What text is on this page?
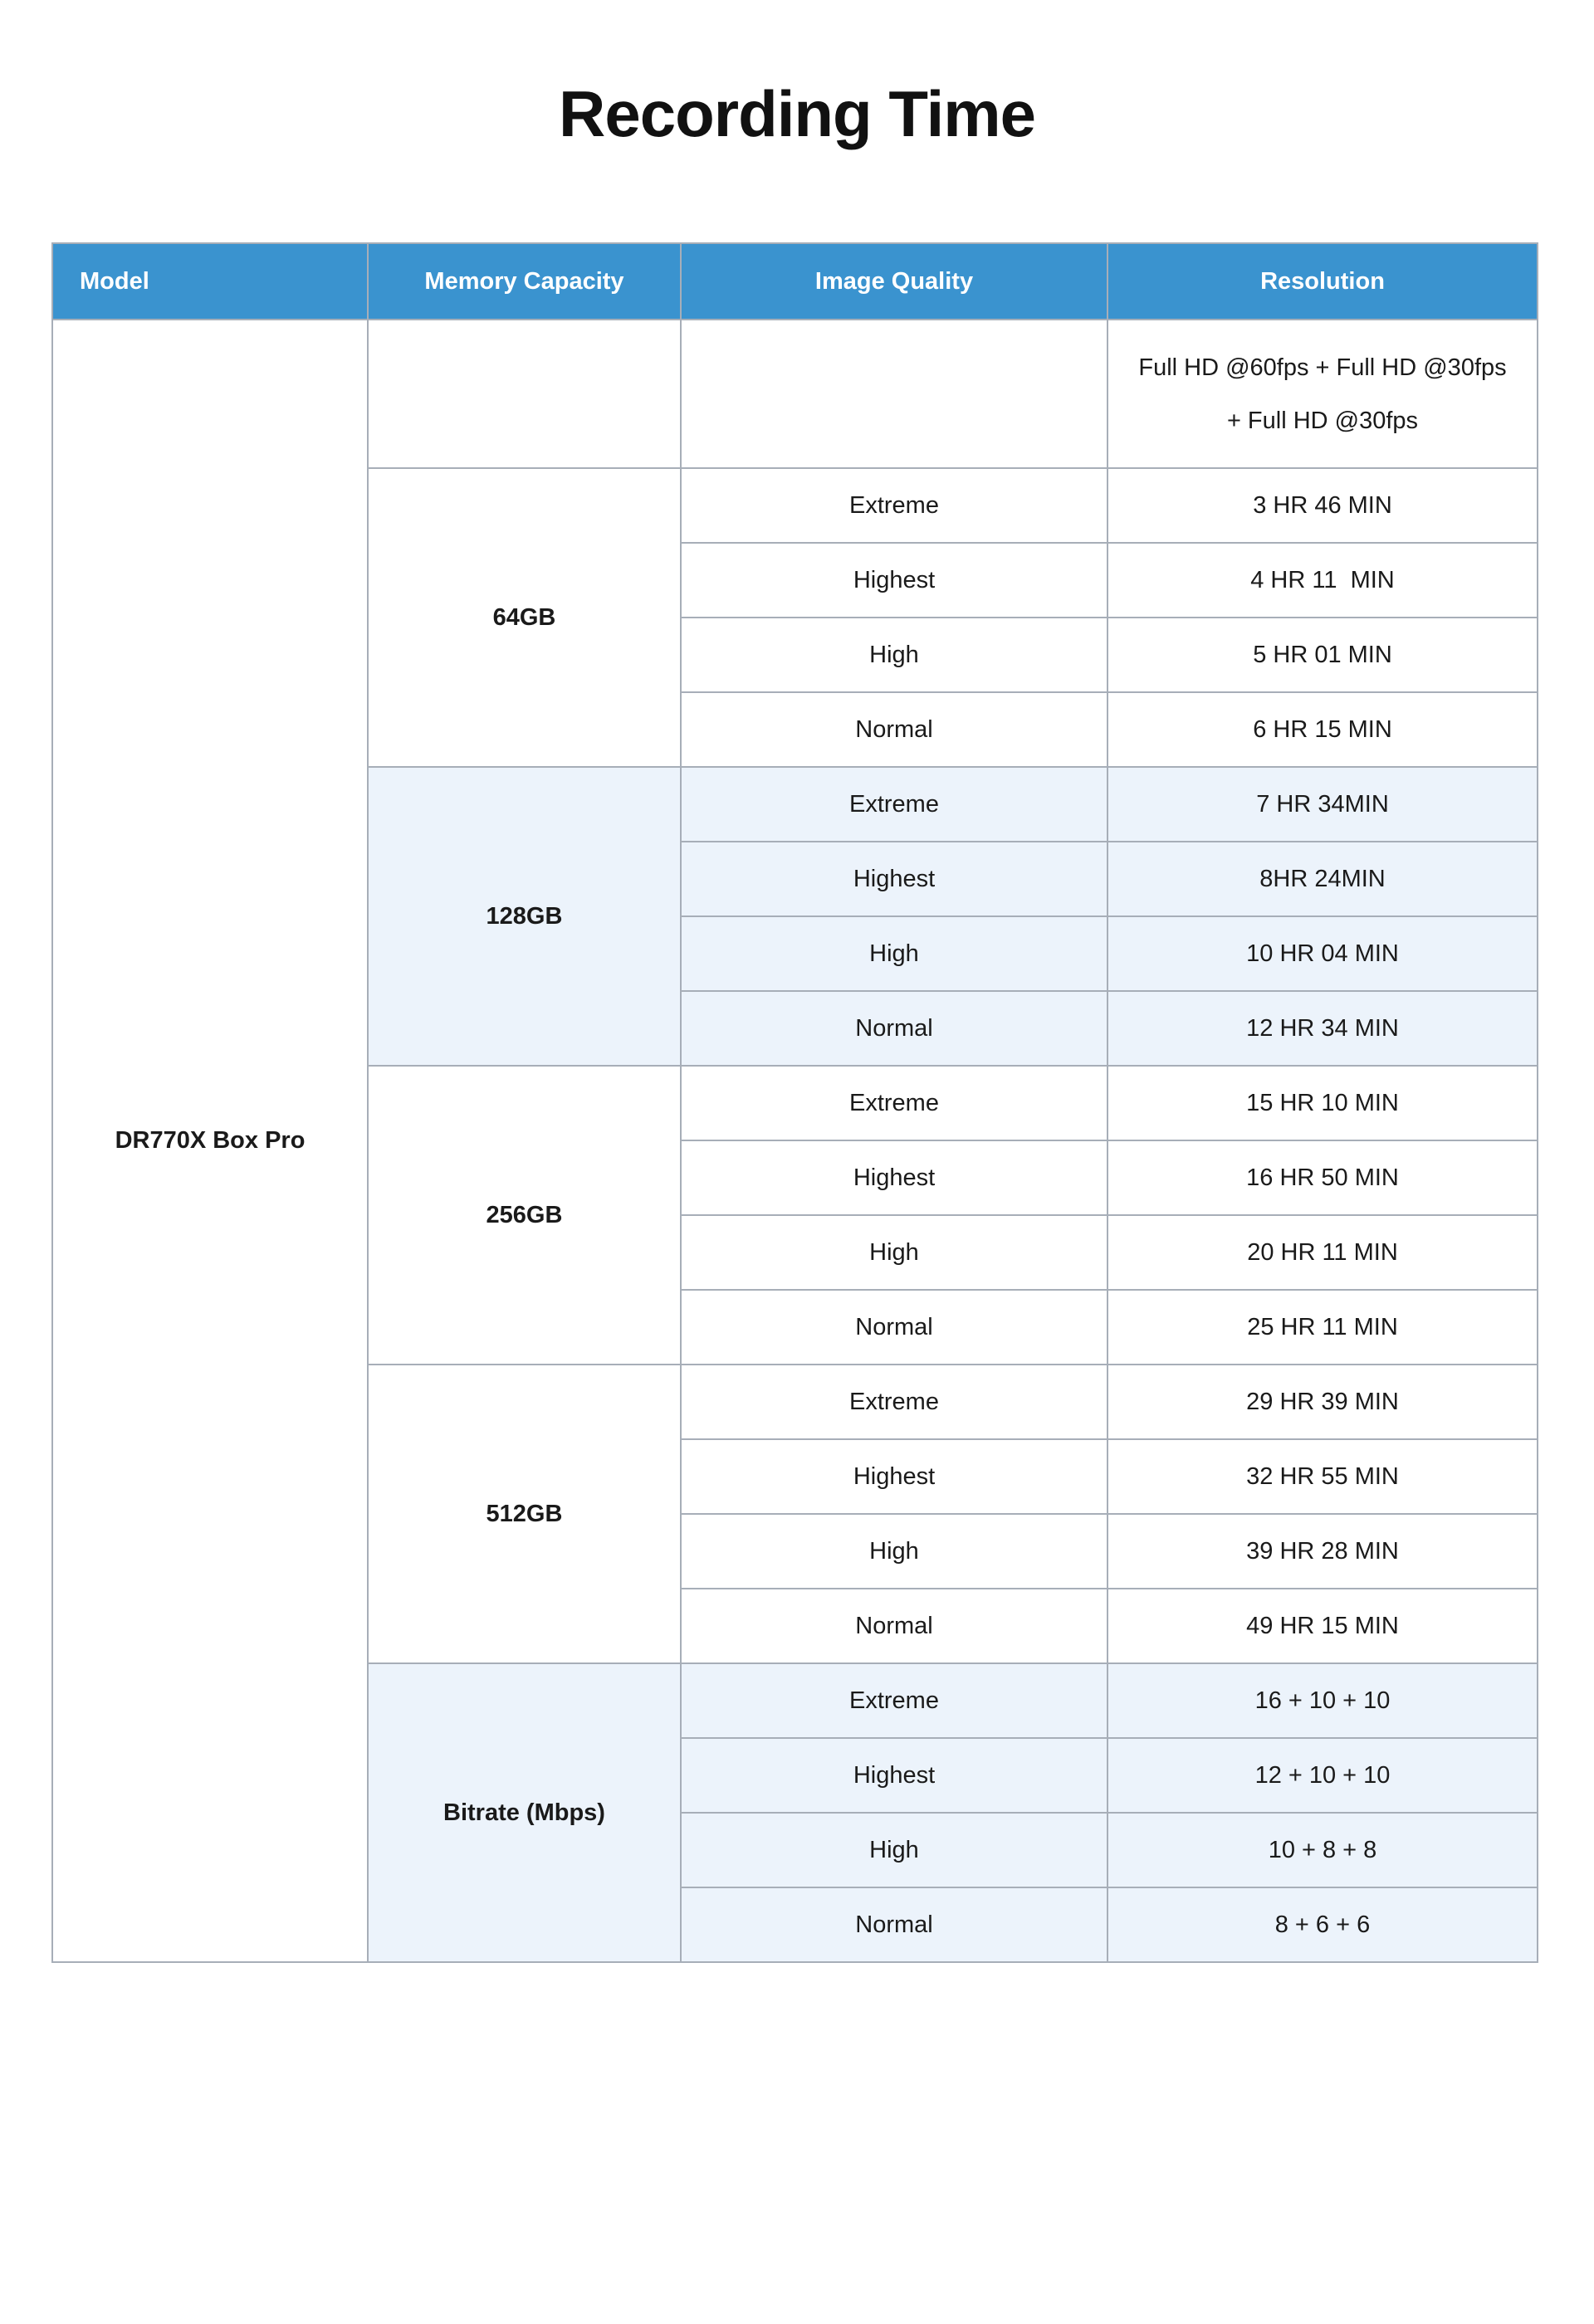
Recording Time
Model	Memory Capacity	Image Quality	Resolution
DR770X Box Pro			Full HD @60fps + Full HD @30fps
+ Full HD @30fps

	64GB	Extreme	3 HR 46 MIN
		Highest	4 HR 11  MIN
		High	5 HR 01 MIN
		Normal	6 HR 15 MIN
	128GB	Extreme	7 HR 34MIN
		Highest	8HR 24MIN
		High	10 HR 04 MIN
		Normal	12 HR 34 MIN
	256GB	Extreme	15 HR 10 MIN
		Highest	16 HR 50 MIN
		High	20 HR 11 MIN
		Normal	25 HR 11 MIN
	512GB	Extreme	29 HR 39 MIN
		Highest	32 HR 55 MIN
		High	39 HR 28 MIN
		Normal	49 HR 15 MIN
	Bitrate (Mbps)	Extreme	16 + 10 + 10
		Highest	12 + 10 + 10
		High	10 + 8 + 8
		Normal	8 + 6 + 6
